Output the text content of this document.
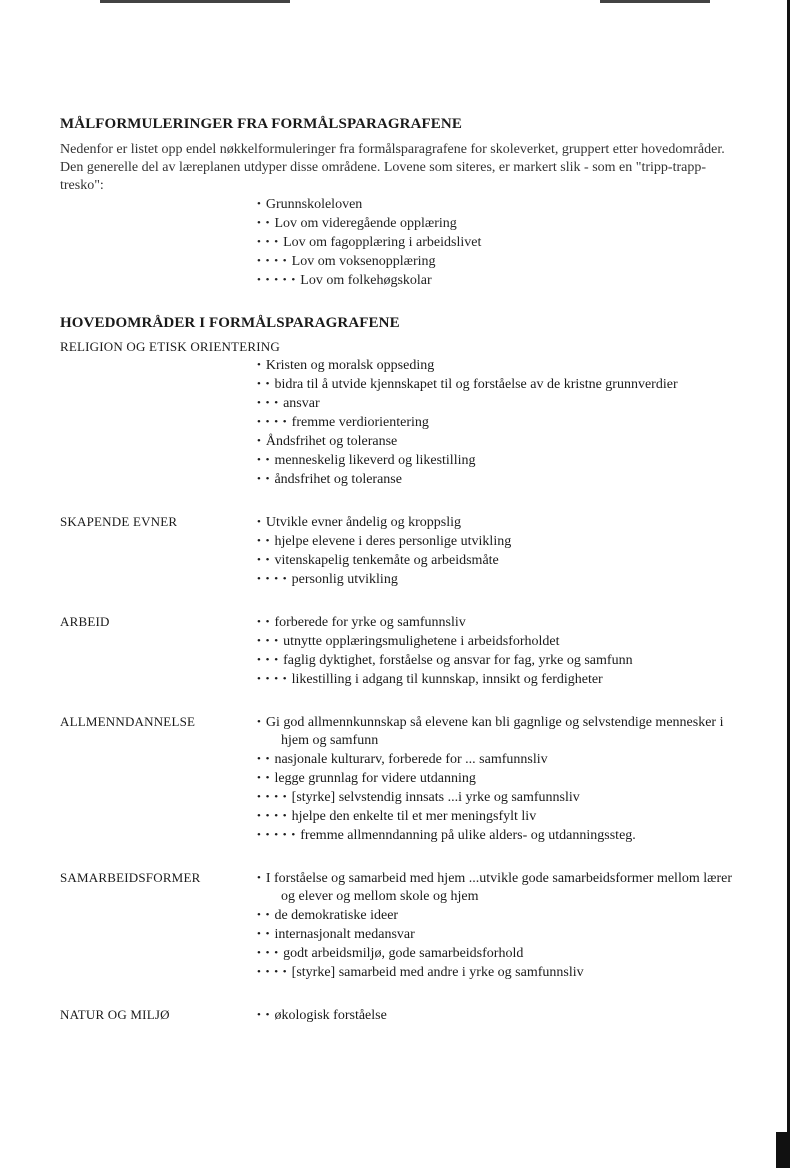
MÅLFORMULERINGER FRA FORMÅLSPARAGRAFENE

Nedenfor er listet opp endel nøkkelformuleringer fra formålsparagrafene for skoleverket, gruppert etter hovedområder. Den generelle del av læreplanen utdyper disse områdene. Lovene som siteres, er markert slik - som en "tripp-trapp-tresko":

• Grunnskoleloven
• • Lov om videregående opplæring
• • • Lov om fagopplæring i arbeidslivet
• • • • Lov om voksenopplæring
• • • • • Lov om folkehøgskolar
HOVEDOMRÅDER I FORMÅLSPARAGRAFENE
RELIGION OG ETISK ORIENTERING
• Kristen og moralsk oppseding
• • bidra til å utvide kjennskapet til og forståelse av de kristne grunnverdier
• • • ansvar
• • • • fremme verdiorientering
• Åndsfrihet og toleranse
• • menneskelig likeverd og likestilling
• • åndsfrihet og toleranse
SKAPENDE EVNER	• Utvikle evner åndelig og kroppslig
• • hjelpe elevene i deres personlige utvikling
• • vitenskapelig tenkemåte og arbeidsmåte
• • • • personlig utvikling
ARBEID	• • forberede for yrke og samfunnsliv
• • • utnytte opplæringsmulighetene i arbeidsforholdet
• • • faglig dyktighet, forståelse og ansvar for fag, yrke og samfunn
• • • • likestilling i adgang til kunnskap, innsikt og ferdigheter
ALLMENNDANNELSE	• Gi god allmennkunnskap så elevene kan bli gagnlige og selvstendige mennesker i hjem og samfunn
• • nasjonale kulturarv, forberede for ... samfunnsliv
• • legge grunnlag for videre utdanning
• • • • [styrke] selvstendig innsats ...i yrke og samfunnsliv
• • • • hjelpe den enkelte til et mer meningsfylt liv
• • • • • fremme allmenndanning på ulike alders- og utdanningssteg.
SAMARBEIDSFORMER	• I forståelse og samarbeid med hjem ...utvikle gode samarbeidsformer mellom lærer og elever og mellom skole og hjem
• • de demokratiske ideer
• • internasjonalt medansvar
• • • godt arbeidsmiljø, gode samarbeidsforhold
• • • • [styrke] samarbeid med andre i yrke og samfunnsliv
NATUR OG MILJØ	• • økologisk forståelse
